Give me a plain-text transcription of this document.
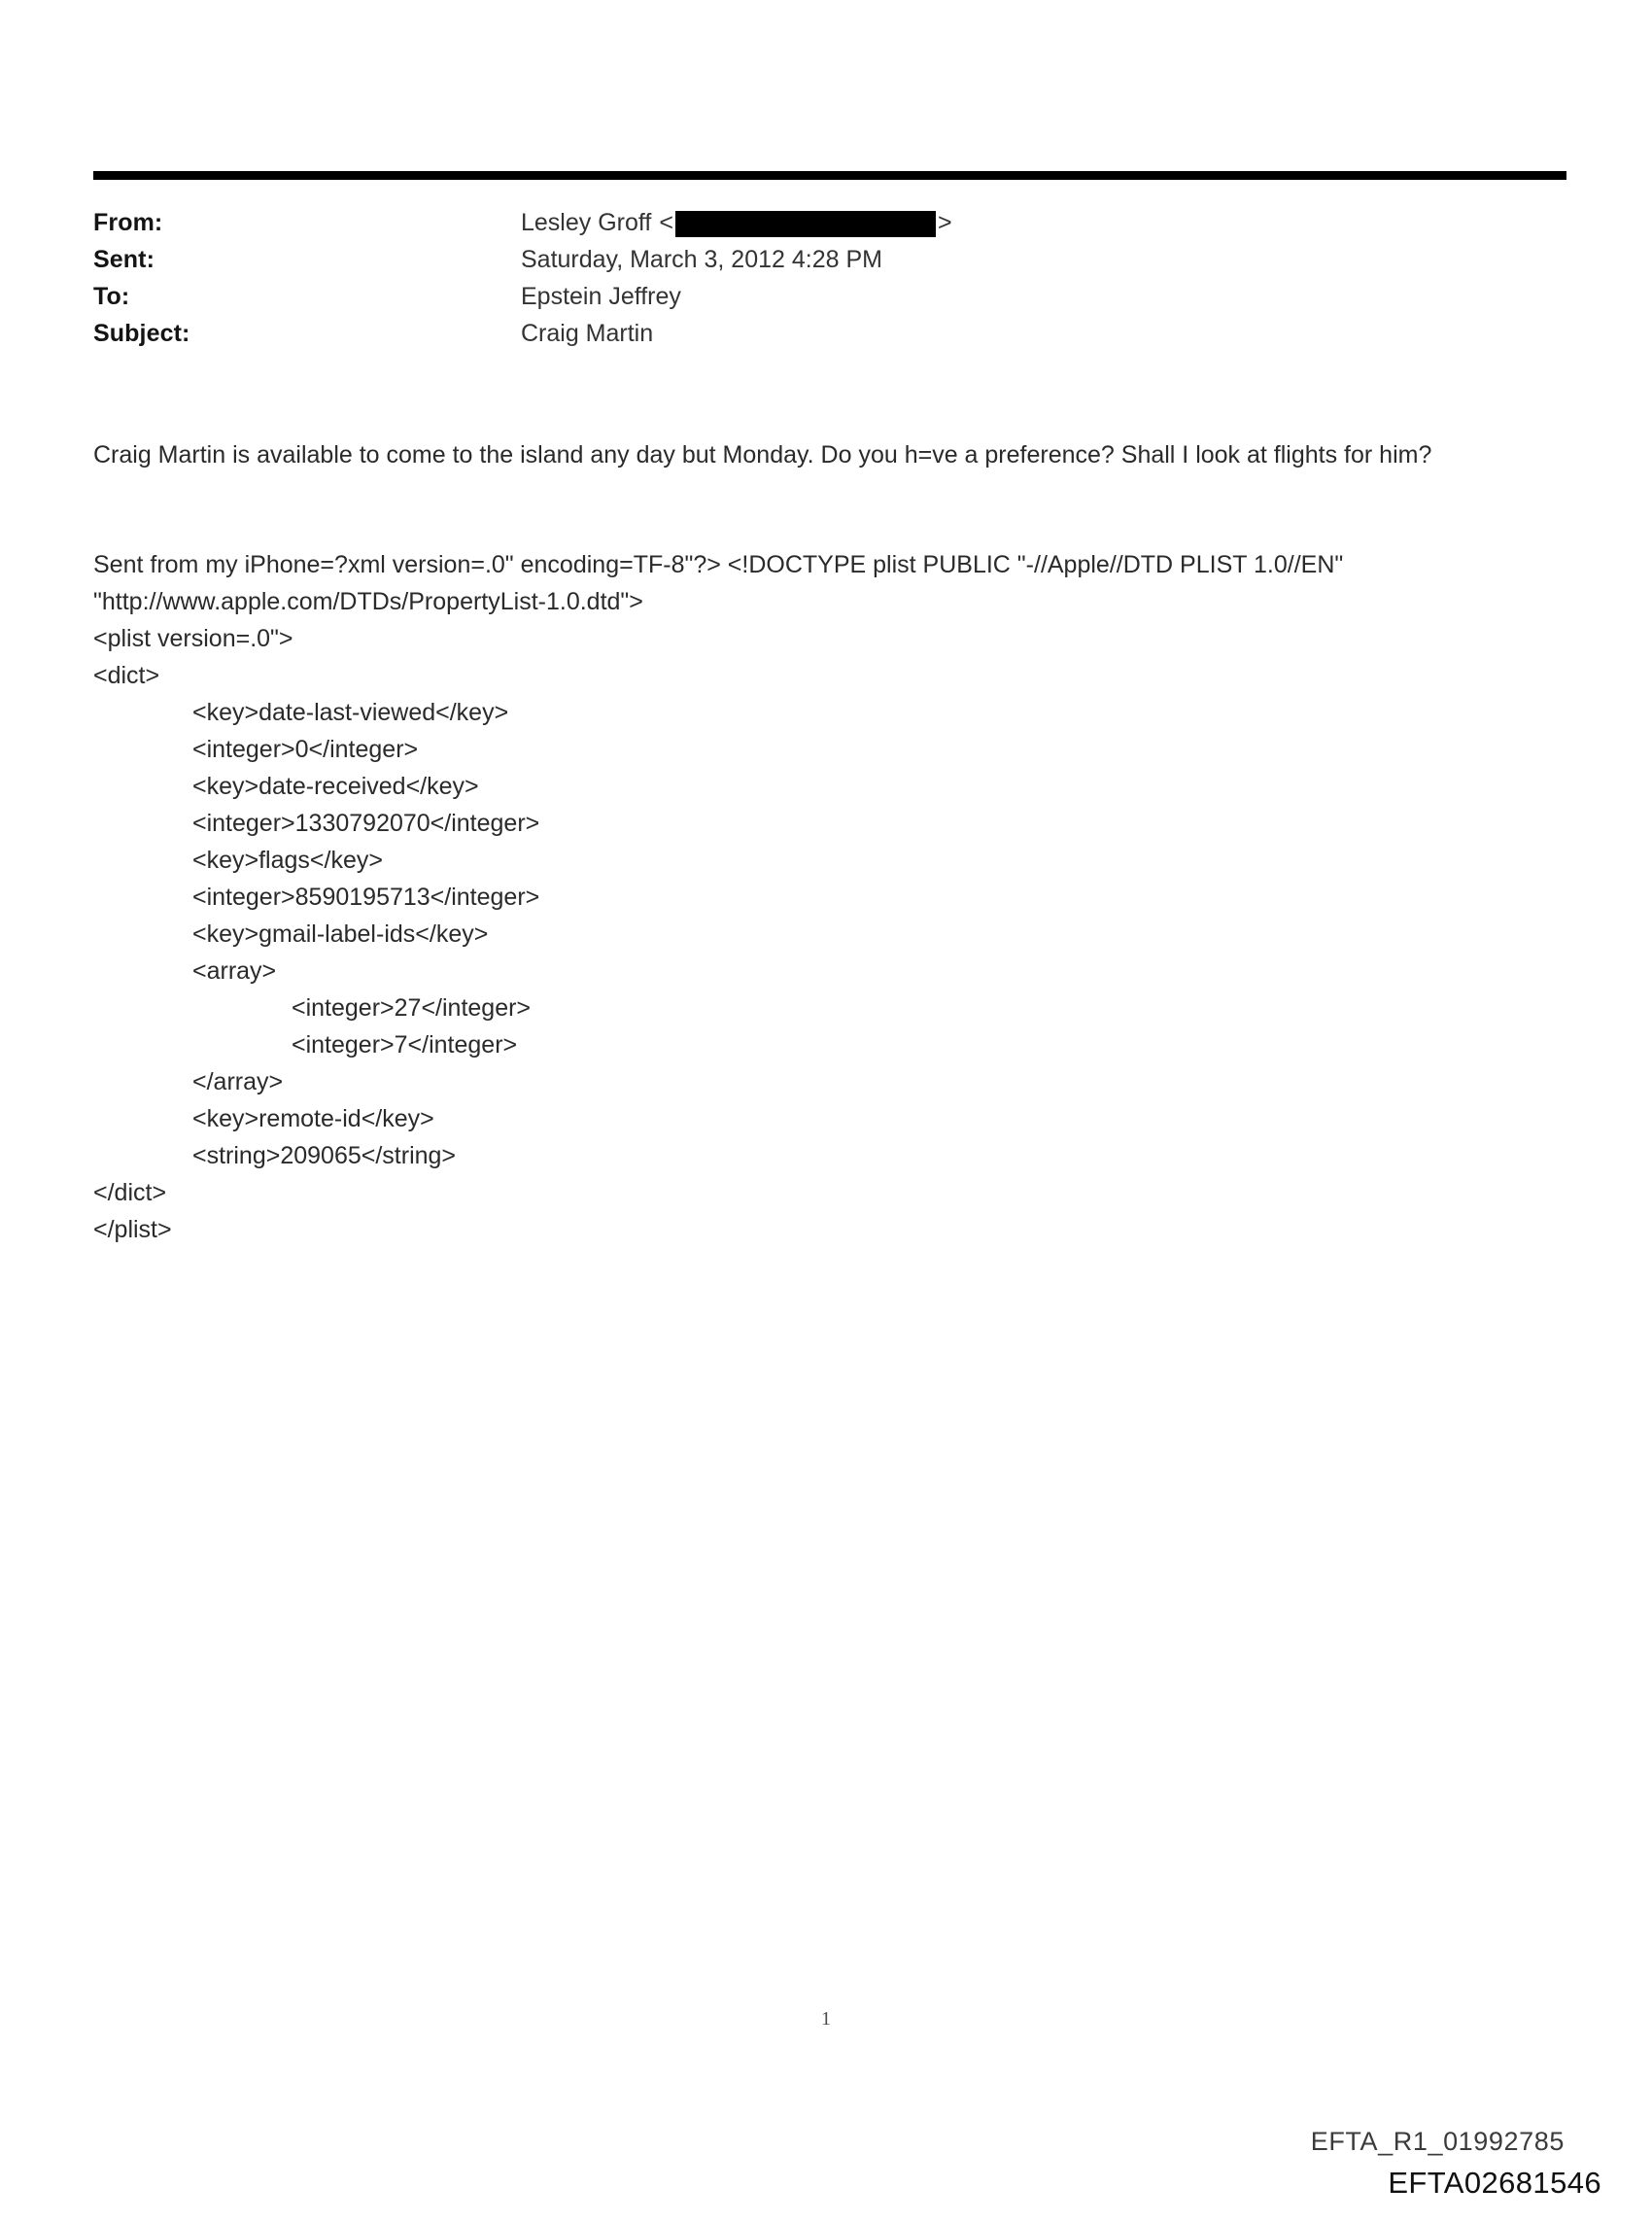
From:	Lesley Groff <	>
Sent:	Saturday, March 3, 2012 4:28 PM
To:	Epstein Jeffrey
Subject:	Craig Martin

Craig Martin is available to come to the island any day but Monday. Do you h=ve a preference? Shall I look at flights for him?

Sent from my iPhone=?xml version=.0" encoding=TF-8"?> <!DOCTYPE plist PUBLIC "-//Apple//DTD PLIST 1.0//EN" "http://www.apple.com/DTDs/PropertyList-1.0.dtd">
<plist version=.0">
<dict>
<key>date-last-viewed</key>
<integer>0</integer>
<key>date-received</key>
<integer>1330792070</integer>
<key>flags</key>
<integer>8590195713</integer>
<key>gmail-label-ids</key>
<array>
<integer>27</integer>
<integer>7</integer>
</array>
<key>remote-id</key>
<string>209065</string>
</dict>
</plist>
1
EFTA_R1_01992785
EFTA02681546
